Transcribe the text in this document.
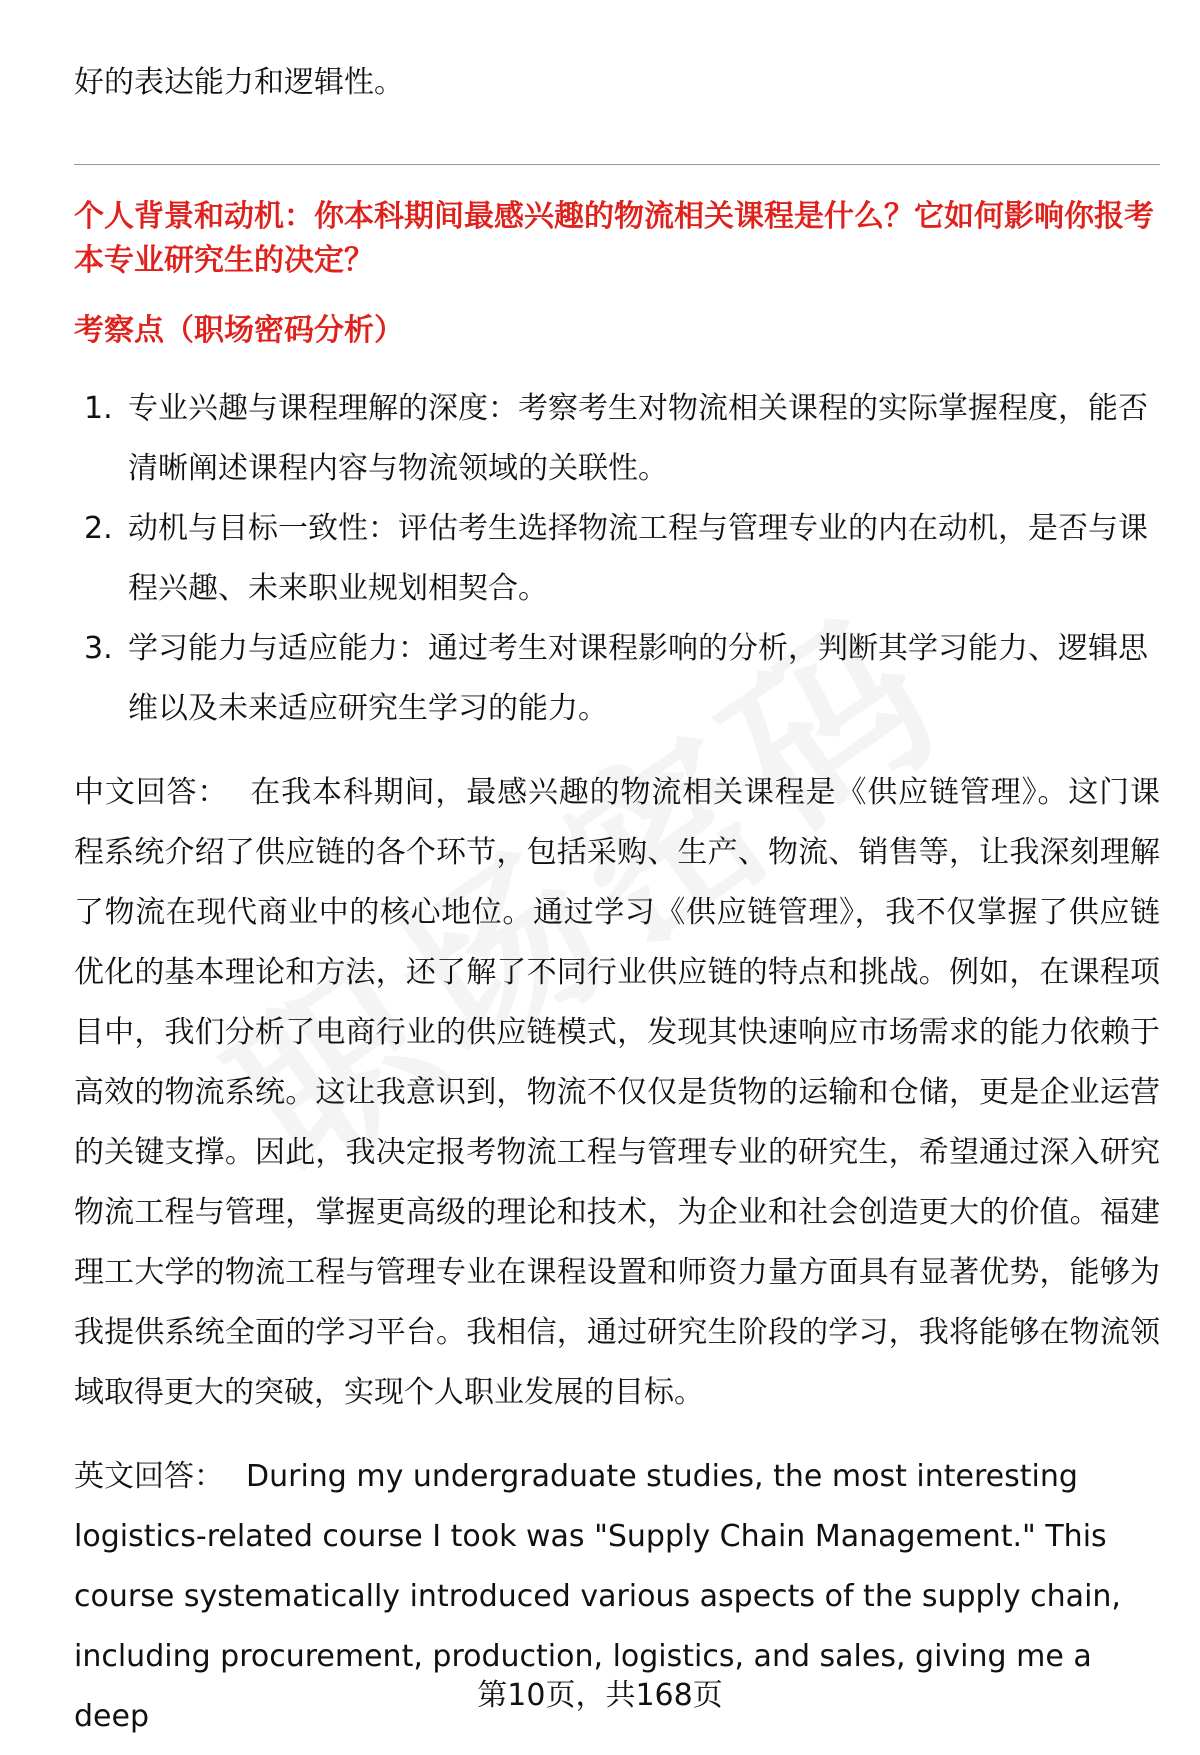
好的表达能力和逻辑性。

个人背景和动机：你本科期间最感兴趣的物流相关课程是什么？它如何影响你报考本专业研究生的决定？

考察点（职场密码分析）

1. 专业兴趣与课程理解的深度：考察考生对物流相关课程的实际掌握程度，能否清晰阐述课程内容与物流领域的关联性。
2. 动机与目标一致性：评估考生选择物流工程与管理专业的内在动机，是否与课程兴趣、未来职业规划相契合。
3. 学习能力与适应能力：通过考生对课程影响的分析，判断其学习能力、逻辑思维以及未来适应研究生学习的能力。

中文回答： 在我本科期间，最感兴趣的物流相关课程是《供应链管理》。这门课程系统介绍了供应链的各个环节，包括采购、生产、物流、销售等，让我深刻理解了物流在现代商业中的核心地位。通过学习《供应链管理》，我不仅掌握了供应链优化的基本理论和方法，还了解了不同行业供应链的特点和挑战。例如，在课程项目中，我们分析了电商行业的供应链模式，发现其快速响应市场需求的能力依赖于高效的物流系统。这让我意识到，物流不仅仅是货物的运输和仓储，更是企业运营的关键支撑。因此，我决定报考物流工程与管理专业的研究生，希望通过深入研究物流工程与管理，掌握更高级的理论和技术，为企业和社会创造更大的价值。福建理工大学的物流工程与管理专业在课程设置和师资力量方面具有显著优势，能够为我提供系统全面的学习平台。我相信，通过研究生阶段的学习，我将能够在物流领域取得更大的突破，实现个人职业发展的目标。

英文回答： During my undergraduate studies, the most interesting logistics-related course I took was "Supply Chain Management." This course systematically introduced various aspects of the supply chain, including procurement, production, logistics, and sales, giving me a deep

第10页，共168页
